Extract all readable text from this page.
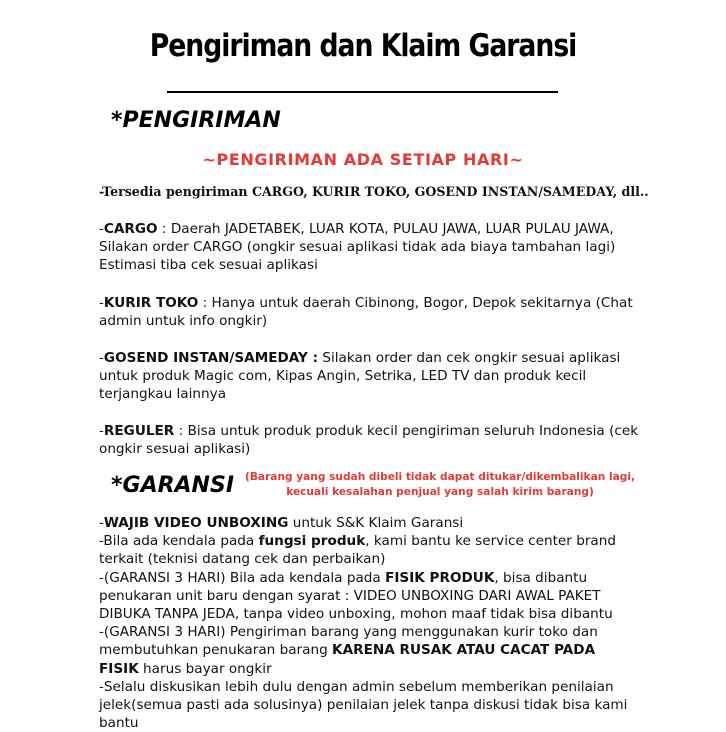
Pengiriman dan Klaim Garansi
*PENGIRIMAN
~PENGIRIMAN ADA SETIAP HARI~
-Tersedia pengiriman CARGO, KURIR TOKO, GOSEND INSTAN/SAMEDAY, dll..
-CARGO : Daerah JADETABEK, LUAR KOTA, PULAU JAWA, LUAR PULAU JAWA, Silakan order CARGO (ongkir sesuai aplikasi tidak ada biaya tambahan lagi) Estimasi tiba cek sesuai aplikasi
-KURIR TOKO : Hanya untuk daerah Cibinong, Bogor, Depok sekitarnya (Chat admin untuk info ongkir)
-GOSEND INSTAN/SAMEDAY : Silakan order dan cek ongkir sesuai aplikasi untuk produk Magic com, Kipas Angin, Setrika, LED TV dan produk kecil terjangkau lainnya
-REGULER : Bisa untuk produk produk kecil pengiriman seluruh Indonesia (cek ongkir sesuai aplikasi)
*GARANSI	(Barang yang sudah dibeli tidak dapat ditukar/dikembalikan lagi,
kecuali kesalahan penjual yang salah kirim barang)
-WAJIB VIDEO UNBOXING untuk S&K Klaim Garansi
-Bila ada kendala pada fungsi produk, kami bantu ke service center brand terkait (teknisi datang cek dan perbaikan)
-(GARANSI 3 HARI) Bila ada kendala pada FISIK PRODUK, bisa dibantu penukaran unit baru dengan syarat : VIDEO UNBOXING DARI AWAL PAKET DIBUKA TANPA JEDA, tanpa video unboxing, mohon maaf tidak bisa dibantu
-(GARANSI 3 HARI) Pengiriman barang yang menggunakan kurir toko dan membutuhkan penukaran barang KARENA RUSAK ATAU CACAT PADA FISIK harus bayar ongkir
-Selalu diskusikan lebih dulu dengan admin sebelum memberikan penilaian jelek(semua pasti ada solusinya) penilaian jelek tanpa diskusi tidak bisa kami bantu
